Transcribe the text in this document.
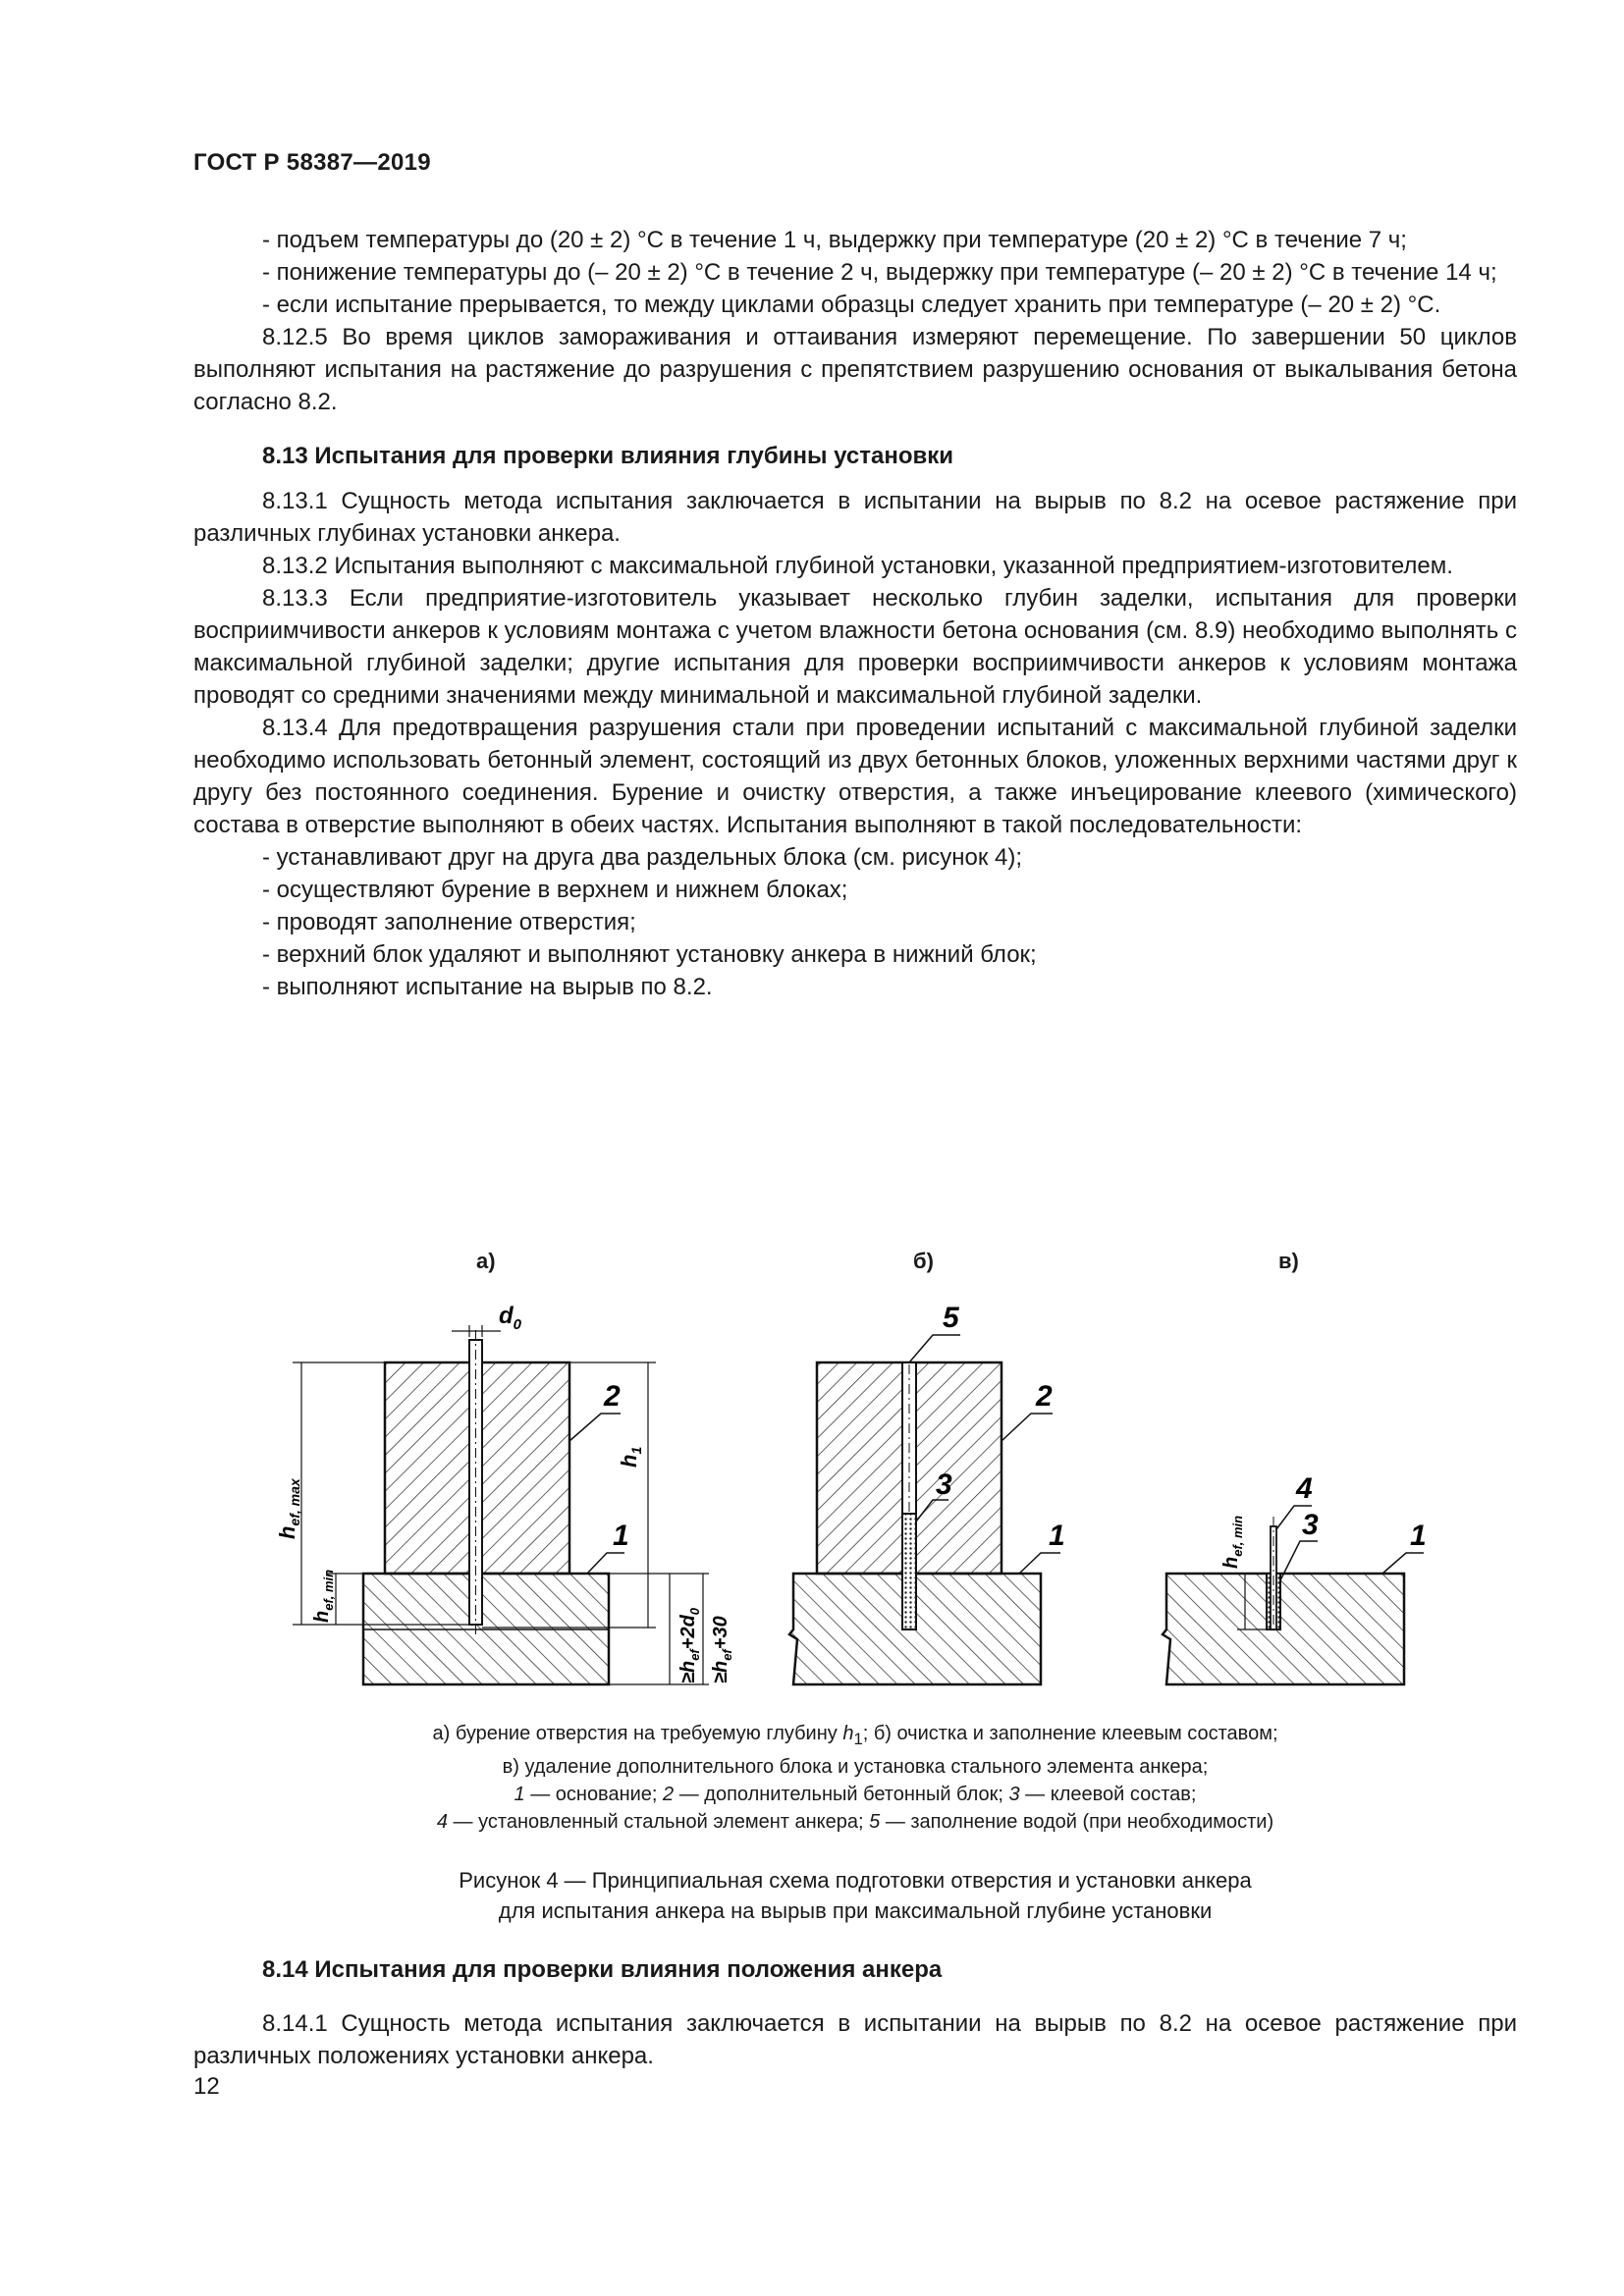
ГОСТ Р 58387—2019

- подъем температуры до (20 ± 2) °С в течение 1 ч, выдержку при температуре (20 ± 2) °С в течение 7 ч;

- понижение температуры до (– 20 ± 2) °С в течение 2 ч, выдержку при температуре (– 20 ± 2) °С в течение 14 ч;

- если испытание прерывается, то между циклами образцы следует хранить при температуре (– 20 ± 2) °С.

8.12.5 Во время циклов замораживания и оттаивания измеряют перемещение. По завершении 50 циклов выполняют испытания на растяжение до разрушения с препятствием разрушению основания от выкалывания бетона согласно 8.2.

8.13 Испытания для проверки влияния глубины установки

8.13.1 Сущность метода испытания заключается в испытании на вырыв по 8.2 на осевое растяжение при различных глубинах установки анкера.

8.13.2 Испытания выполняют с максимальной глубиной установки, указанной предприятием-изготовителем.

8.13.3 Если предприятие-изготовитель указывает несколько глубин заделки, испытания для проверки восприимчивости анкеров к условиям монтажа с учетом влажности бетона основания (см. 8.9) необходимо выполнять с максимальной глубиной заделки; другие испытания для проверки восприимчивости анкеров к условиям монтажа проводят со средними значениями между минимальной и максимальной глубиной заделки.

8.13.4 Для предотвращения разрушения стали при проведении испытаний с максимальной глубиной заделки необходимо использовать бетонный элемент, состоящий из двух бетонных блоков, уложенных верхними частями друг к другу без постоянного соединения. Бурение и очистку отверстия, а также инъецирование клеевого (химического) состава в отверстие выполняют в обеих частях. Испытания выполняют в такой последовательности:

- устанавливают друг на друга два раздельных блока (см. рисунок 4);

- осуществляют бурение в верхнем и нижнем блоках;

- проводят заполнение отверстия;

- верхний блок удаляют и выполняют установку анкера в нижний блок;

- выполняют испытание на вырыв по 8.2.

а)	б)	в)
$d_0$
$h_{ef, max}$
$h_{ef, min}$
$h_1$
$\ge h_{ef}+2d_0$
$\ge h_{ef}+30$
2
1
5
3
2
1
$h_{ef, min}$
4
3	1
а) бурение отверстия на требуемую глубину $h_1$; б) очистка и заполнение клеевым составом;
в) удаление дополнительного блока и установка стального элемента анкера;
1 — основание; 2 — дополнительный бетонный блок; 3 — клеевой состав;
4 — установленный стальной элемент анкера; 5 — заполнение водой (при необходимости)
Рисунок 4 — Принципиальная схема подготовки отверстия и установки анкера
для испытания анкера на вырыв при максимальной глубине установки
8.14 Испытания для проверки влияния положения анкера

8.14.1 Сущность метода испытания заключается в испытании на вырыв по 8.2 на осевое растяжение при различных положениях установки анкера.

12
